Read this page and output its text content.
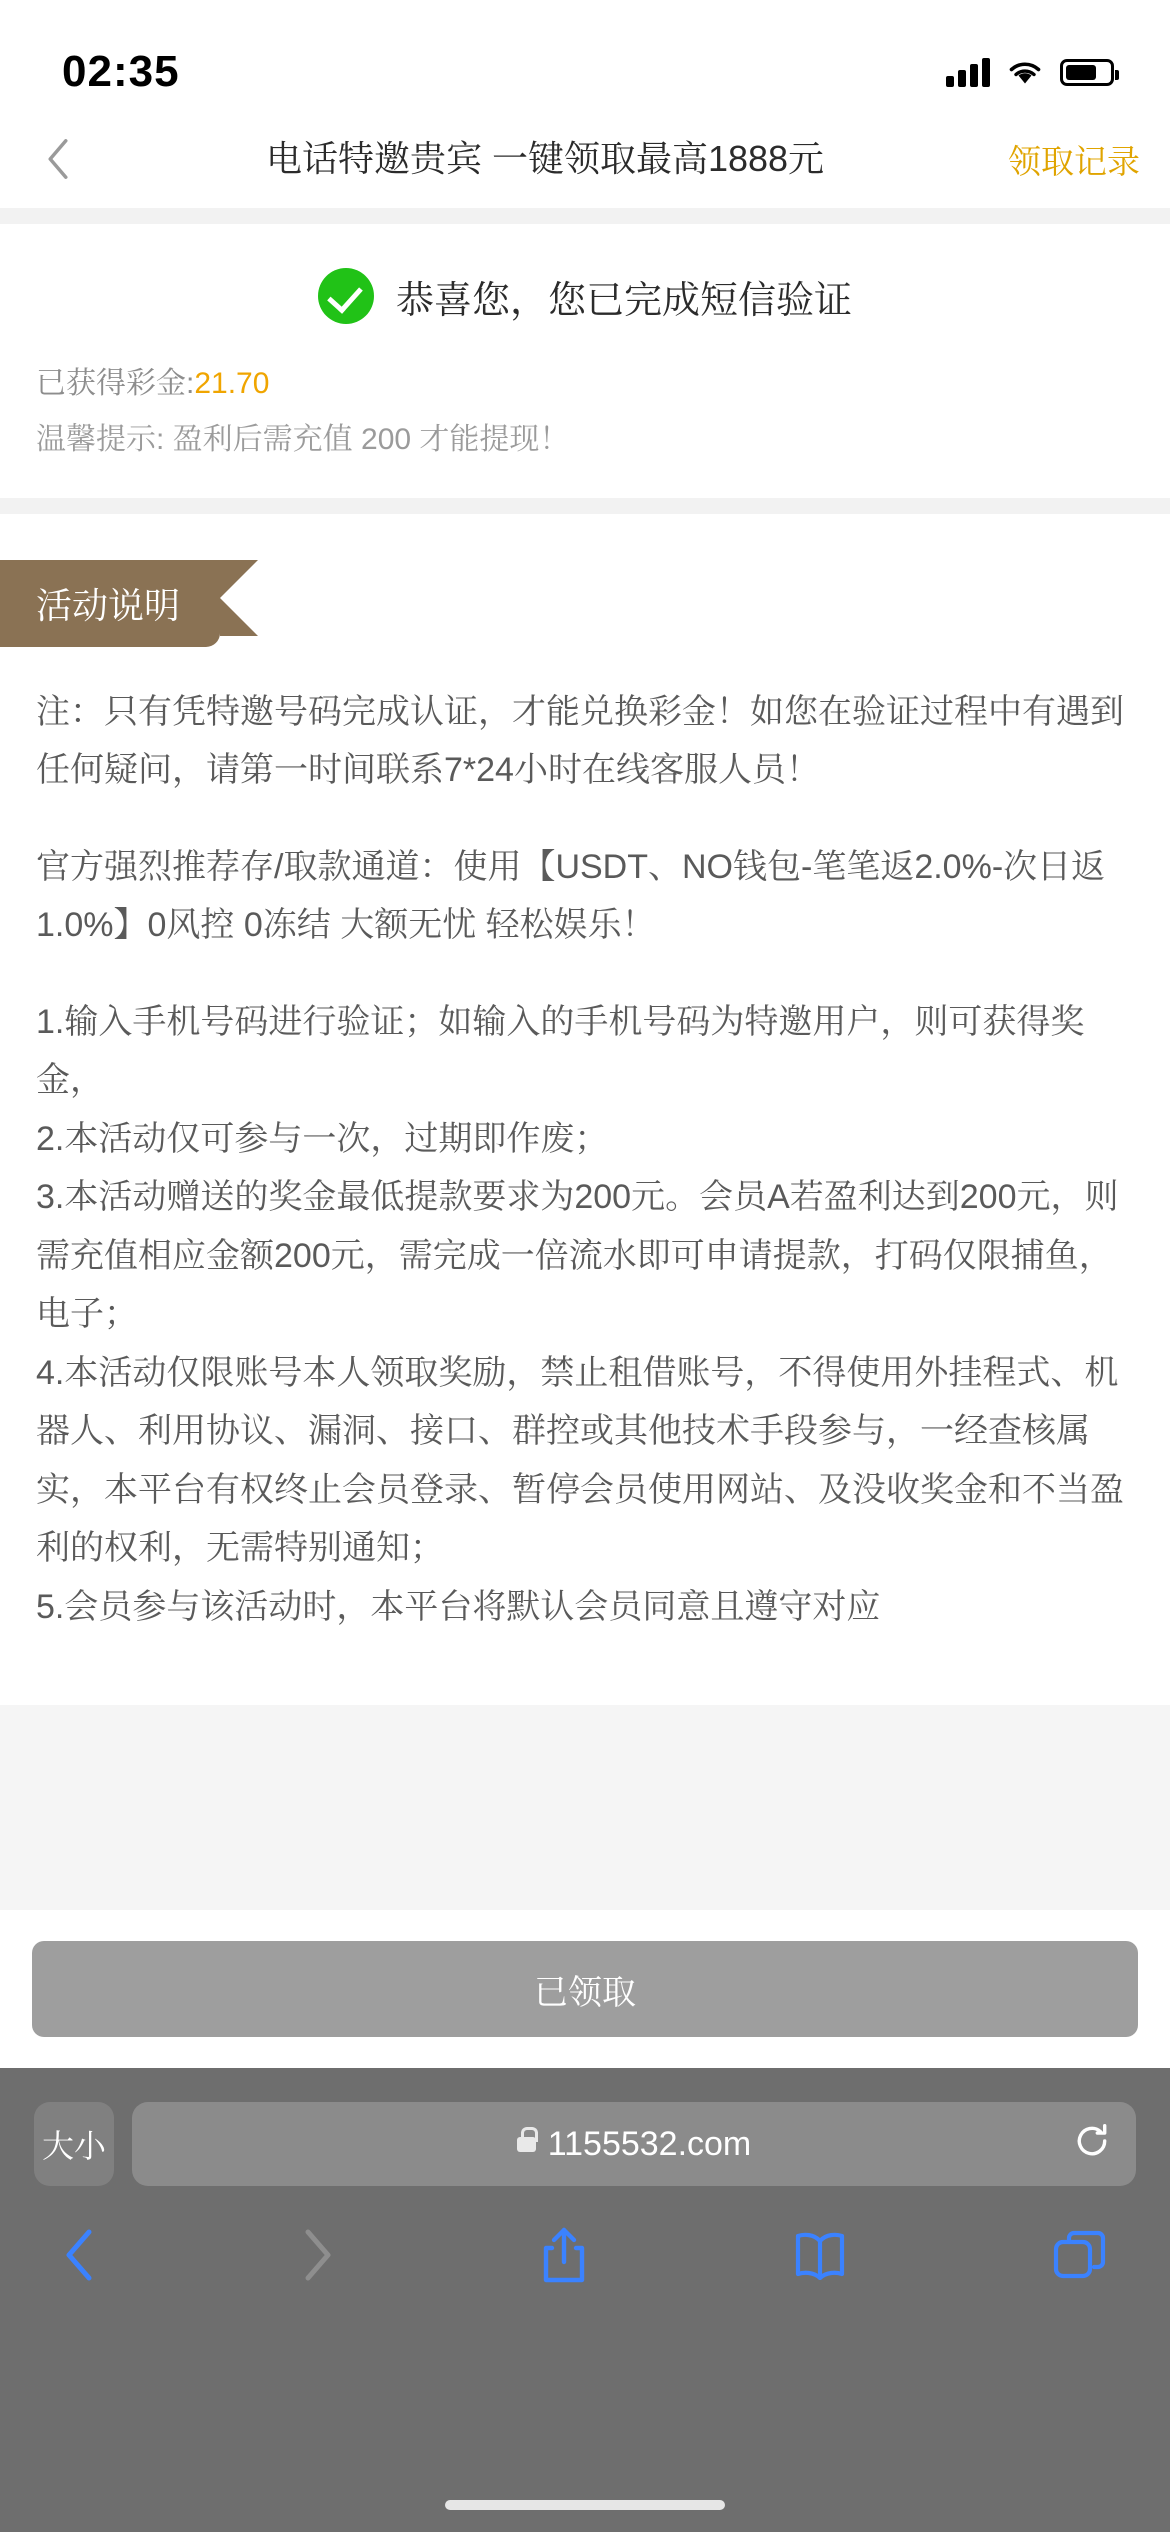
02:35
电话特邀贵宾 一键领取最高1888元	领取记录
恭喜您，您已完成短信验证
已获得彩金:21.70
温馨提示: 盈利后需充值 200 才能提现！
活动说明

注：只有凭特邀号码完成认证，才能兑换彩金！如您在验证过程中有遇到任何疑问，请第一时间联系7*24小时在线客服人员！

官方强烈推荐存/取款通道：使用【USDT、NO钱包-笔笔返2.0%-次日返1.0%】0风控 0冻结 大额无忧 轻松娱乐！

1.输入手机号码进行验证；如输入的手机号码为特邀用户，则可获得奖金，

2.本活动仅可参与一次，过期即作废；

3.本活动赠送的奖金最低提款要求为200元。会员A若盈利达到200元，则需充值相应金额200元，需完成一倍流水即可申请提款，打码仅限捕鱼，电子；

4.本活动仅限账号本人领取奖励，禁止租借账号，不得使用外挂程式、机器人、利用协议、漏洞、接口、群控或其他技术手段参与，一经查核属实，本平台有权终止会员登录、暂停会员使用网站、及没收奖金和不当盈利的权利，无需特别通知；

5.会员参与该活动时，本平台将默认会员同意且遵守对应

已领取
大小	1155532.com
